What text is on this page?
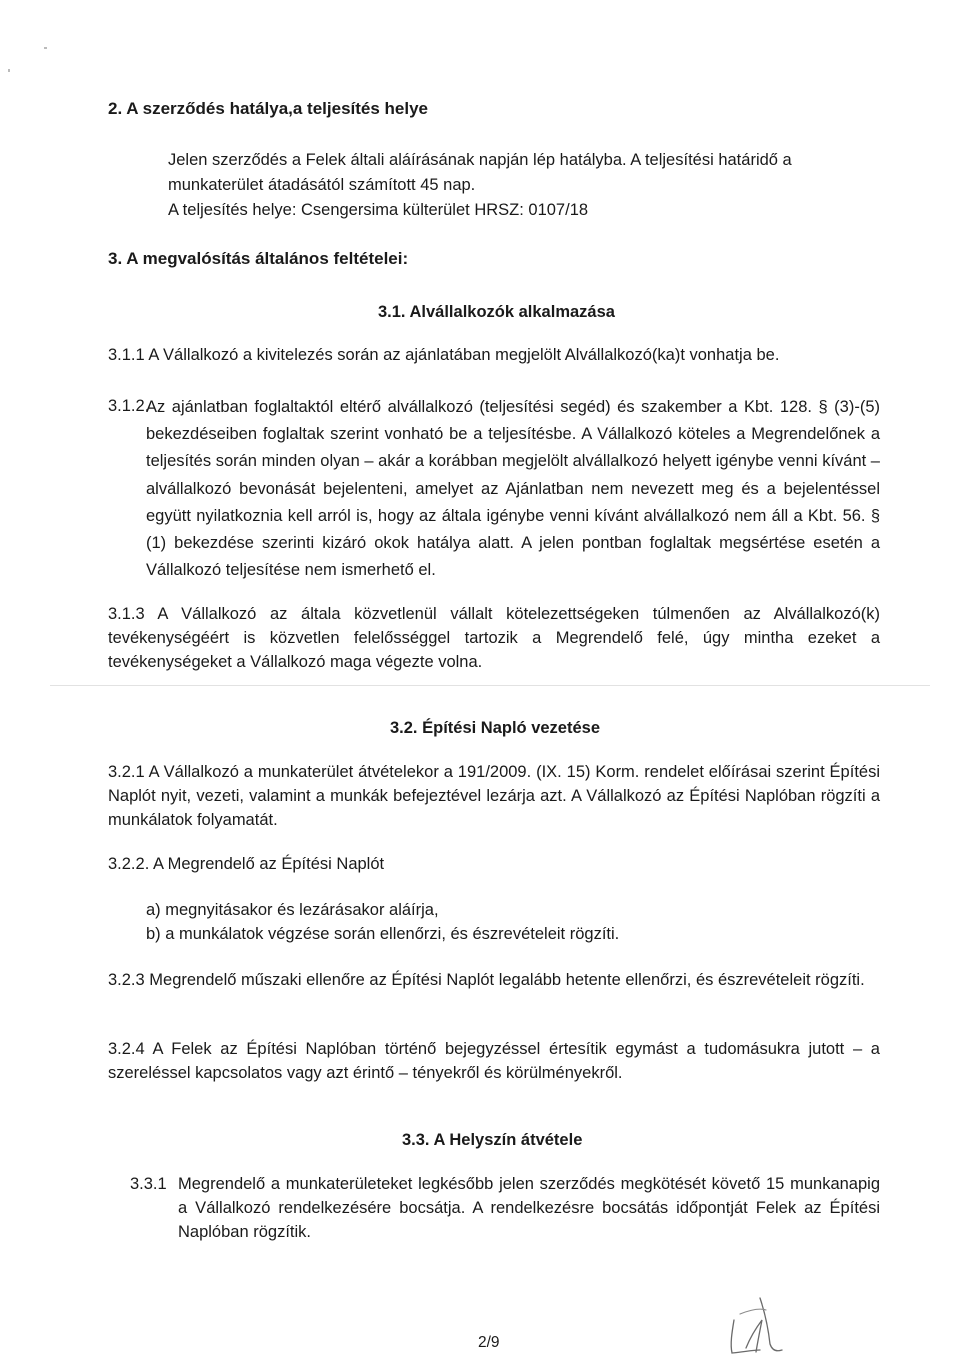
2. A szerződés hatálya,a teljesítés helye
Jelen szerződés a Felek általi aláírásának napján lép hatályba. A teljesítési határidő a
munkaterület átadásától számított 45 nap.
A teljesítés helye: Csengersima külterület HRSZ: 0107/18
3. A megvalósítás általános feltételei:
3.1. Alvállalkozók alkalmazása
3.1.1 A Vállalkozó a kivitelezés során az ajánlatában megjelölt Alvállalkozó(ka)t vonhatja be.
3.1.2.
Az ajánlatban foglaltaktól eltérő alvállalkozó (teljesítési segéd) és szakember a Kbt. 128. § (3)-(5) bekezdéseiben foglaltak szerint vonható be a teljesítésbe. A Vállalkozó köteles a Megrendelőnek a teljesítés során minden olyan – akár a korábban megjelölt alvállalkozó helyett igénybe venni kívánt – alvállalkozó bevonását bejelenteni, amelyet az Ajánlatban nem nevezett meg és a bejelentéssel együtt nyilatkoznia kell arról is, hogy az általa igénybe venni kívánt alvállalkozó nem áll a Kbt. 56. § (1) bekezdése szerinti kizáró okok hatálya alatt. A jelen pontban foglaltak megsértése esetén a Vállalkozó teljesítése nem ismerhető el.
3.1.3 A Vállalkozó az általa közvetlenül vállalt kötelezettségeken túlmenően az Alvállalkozó(k) tevékenységéért is közvetlen felelősséggel tartozik a Megrendelő felé, úgy mintha ezeket a tevékenységeket a Vállalkozó maga végezte volna.
3.2. Építési Napló vezetése
3.2.1 A Vállalkozó a munkaterület átvételekor a 191/2009. (IX. 15) Korm. rendelet előírásai szerint Építési Naplót nyit, vezeti, valamint a munkák befejeztével lezárja azt. A Vállalkozó az Építési Naplóban rögzíti a munkálatok folyamatát.
3.2.2. A Megrendelő az Építési Naplót
a) megnyitásakor és lezárásakor aláírja,
b) a munkálatok végzése során ellenőrzi, és észrevételeit rögzíti.
3.2.3 Megrendelő műszaki ellenőre az Építési Naplót legalább hetente ellenőrzi, és észrevételeit rögzíti.
3.2.4 A Felek az Építési Naplóban történő bejegyzéssel értesítik egymást a tudomásukra jutott – a szereléssel kapcsolatos vagy azt érintő – tényekről és körülményekről.
3.3. A Helyszín átvétele
3.3.1 Megrendelő a munkaterületeket legkésőbb jelen szerződés megkötését követő 15 munkanapig a Vállalkozó rendelkezésére bocsátja. A rendelkezésre bocsátás időpontját Felek az Építési Naplóban rögzítik.
2/9
